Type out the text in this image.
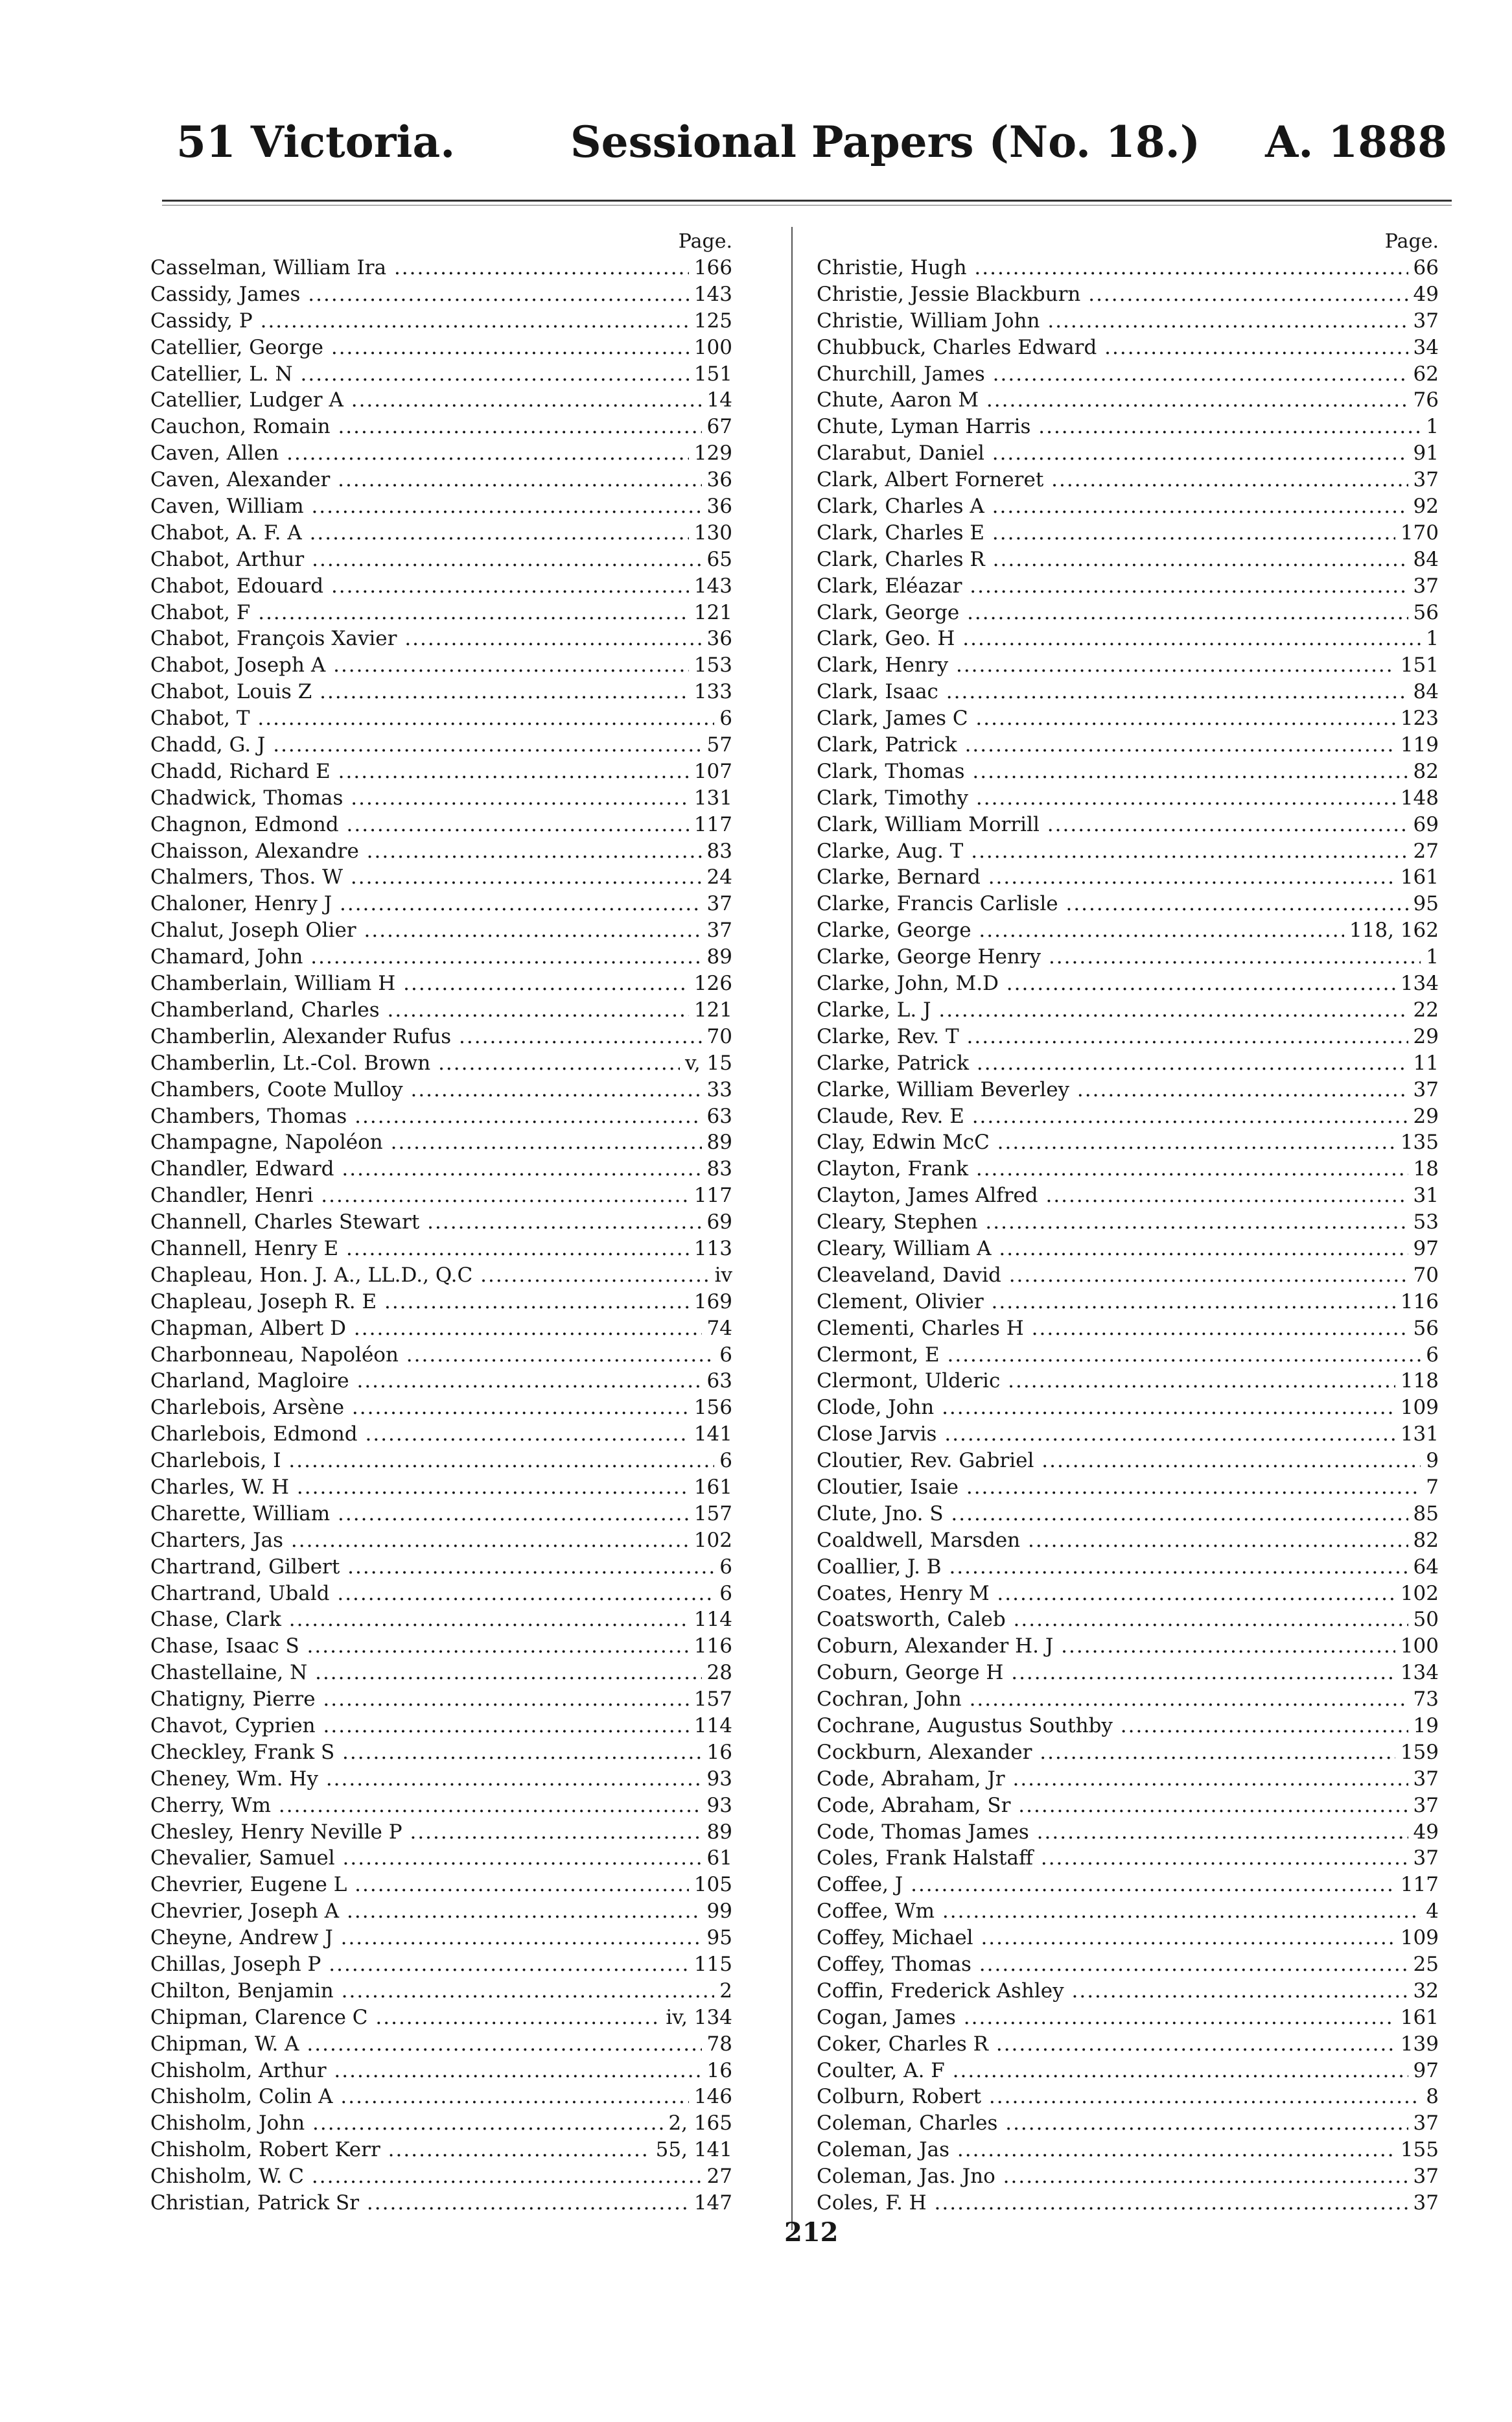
51 Victoria.	Sessional Papers (No. 18.) A. 1888
Page.
Casselman, William Ira .....	166
Cassidy, James .....	143
Cassidy, P .....	125
Catellier, George .....	100
Catellier, L. N .....	151
Catellier, Ludger A .....	14
Cauchon, Romain .....	67
Caven, Allen .....	129
Caven, Alexander .....	36
Caven, William .....	36
Chabot, A. F. A .....	130
Chabot, Arthur .....	65
Chabot, Edouard .....	143
Chabot, F .....	121
Chabot, François Xavier .....	36
Chabot, Joseph A .....	153
Chabot, Louis Z .....	133
Chabot, T .....	6
Chadd, G. J .....	57
Chadd, Richard E .....	107
Chadwick, Thomas .....	131
Chagnon, Edmond .....	117
Chaisson, Alexandre .....	83
Chalmers, Thos. W .....	24
Chaloner, Henry J .....	37
Chalut, Joseph Olier .....	37
Chamard, John .....	89
Chamberlain, William H .....	126
Chamberland, Charles .....	121
Chamberlin, Alexander Rufus .....	70
Chamberlin, Lt.-Col. Brown .....	v, 15
Chambers, Coote Mulloy .....	33
Chambers, Thomas .....	63
Champagne, Napoléon .....	89
Chandler, Edward .....	83
Chandler, Henri .....	117
Channell, Charles Stewart .....	69
Channell, Henry E .....	113
Chapleau, Hon. J. A., LL.D., Q.C .....	iv
Chapleau, Joseph R. E .....	169
Chapman, Albert D .....	74
Charbonneau, Napoléon .....	6
Charland, Magloire .....	63
Charlebois, Arsène .....	156
Charlebois, Edmond .....	141
Charlebois, I .....	6
Charles, W. H .....	161
Charette, William .....	157
Charters, Jas .....	102
Chartrand, Gilbert .....	6
Chartrand, Ubald .....	6
Chase, Clark .....	114
Chase, Isaac S .....	116
Chastellaine, N .....	28
Chatigny, Pierre .....	157
Chavot, Cyprien .....	114
Checkley, Frank S .....	16
Cheney, Wm. Hy .....	93
Cherry, Wm .....	93
Chesley, Henry Neville P .....	89
Chevalier, Samuel .....	61
Chevrier, Eugene L .....	105
Chevrier, Joseph A .....	99
Cheyne, Andrew J .....	95
Chillas, Joseph P .....	115
Chilton, Benjamin .....	2
Chipman, Clarence C .....	iv, 134
Chipman, W. A .....	78
Chisholm, Arthur .....	16
Chisholm, Colin A .....	146
Chisholm, John .....	2, 165
Chisholm, Robert Kerr .....	55, 141
Chisholm, W. C .....	27
Christian, Patrick Sr .....	147
Page.
Christie, Hugh .....	66
Christie, Jessie Blackburn .....	49
Christie, William John .....	37
Chubbuck, Charles Edward .....	34
Churchill, James .....	62
Chute, Aaron M .....	76
Chute, Lyman Harris .....	1
Clarabut, Daniel .....	91
Clark, Albert Forneret .....	37
Clark, Charles A .....	92
Clark, Charles E .....	170
Clark, Charles R .....	84
Clark, Eléazar .....	37
Clark, George .....	56
Clark, Geo. H .....	1
Clark, Henry .....	151
Clark, Isaac .....	84
Clark, James C .....	123
Clark, Patrick .....	119
Clark, Thomas .....	82
Clark, Timothy .....	148
Clark, William Morrill .....	69
Clarke, Aug. T .....	27
Clarke, Bernard .....	161
Clarke, Francis Carlisle .....	95
Clarke, George .....	118, 162
Clarke, George Henry .....	1
Clarke, John, M.D .....	134
Clarke, L. J .....	22
Clarke, Rev. T .....	29
Clarke, Patrick .....	11
Clarke, William Beverley .....	37
Claude, Rev. E .....	29
Clay, Edwin McC .....	135
Clayton, Frank .....	18
Clayton, James Alfred .....	31
Cleary, Stephen .....	53
Cleary, William A .....	97
Cleaveland, David .....	70
Clement, Olivier .....	116
Clementi, Charles H .....	56
Clermont, E .....	6
Clermont, Ulderic .....	118
Clode, John .....	109
Close Jarvis .....	131
Cloutier, Rev. Gabriel .....	9
Cloutier, Isaie .....	7
Clute, Jno. S .....	85
Coaldwell, Marsden .....	82
Coallier, J. B .....	64
Coates, Henry M .....	102
Coatsworth, Caleb .....	50
Coburn, Alexander H. J .....	100
Coburn, George H .....	134
Cochran, John .....	73
Cochrane, Augustus Southby .....	19
Cockburn, Alexander .....	159
Code, Abraham, Jr .....	37
Code, Abraham, Sr .....	37
Code, Thomas James .....	49
Coles, Frank Halstaff .....	37
Coffee, J .....	117
Coffee, Wm .....	4
Coffey, Michael .....	109
Coffey, Thomas .....	25
Coffin, Frederick Ashley .....	32
Cogan, James .....	161
Coker, Charles R .....	139
Coulter, A. F .....	97
Colburn, Robert .....	8
Coleman, Charles .....	37
Coleman, Jas .....	155
Coleman, Jas. Jno .....	37
Coles, F. H .....	37
212
